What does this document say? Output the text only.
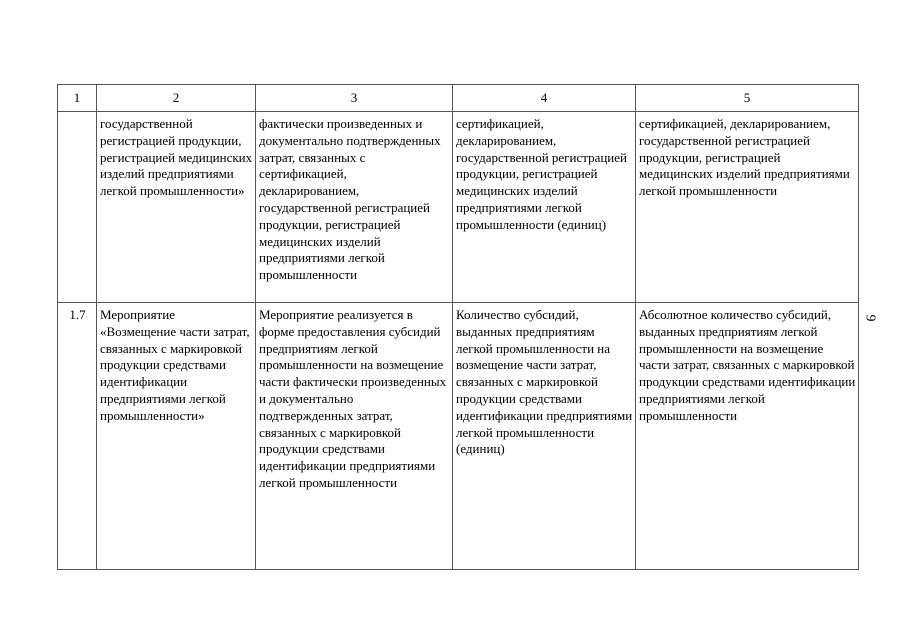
1	2	3	4	5
	государственной регистрацией продукции, регистрацией медицинских изделий предприятиями легкой промышленности»	фактически произведенных и документально подтвержденных затрат, связанных с сертификацией, декларированием, государственной регистрацией продукции, регистрацией медицинских изделий предприятиями легкой промышленности	сертификацией, декларированием, государственной регистрацией продукции, регистрацией медицинских изделий предприятиями легкой промышленности (единиц)	сертификацией, декларированием, государственной регистрацией продукции, регистрацией медицинских изделий предприятиями легкой промышленности
1.7	Мероприятие «Возмещение части затрат, связанных с маркировкой продукции средствами идентификации предприятиями легкой промышленности»	Мероприятие реализуется в форме предоставления субсидий предприятиям легкой промышленности на возмещение части фактически произведенных и документально подтвержденных затрат, связанных с маркировкой продукции средствами идентификации предприятиями легкой промышленности	Количество субсидий, выданных предприятиям легкой промышленности на возмещение части затрат, связанных с маркировкой продукции средствами идентификации предприятиями легкой промышленности (единиц)	Абсолютное количество субсидий, выданных предприятиям легкой промышленности на возмещение части затрат, связанных с маркировкой продукции средствами идентификации предприятиями легкой промышленности
9
